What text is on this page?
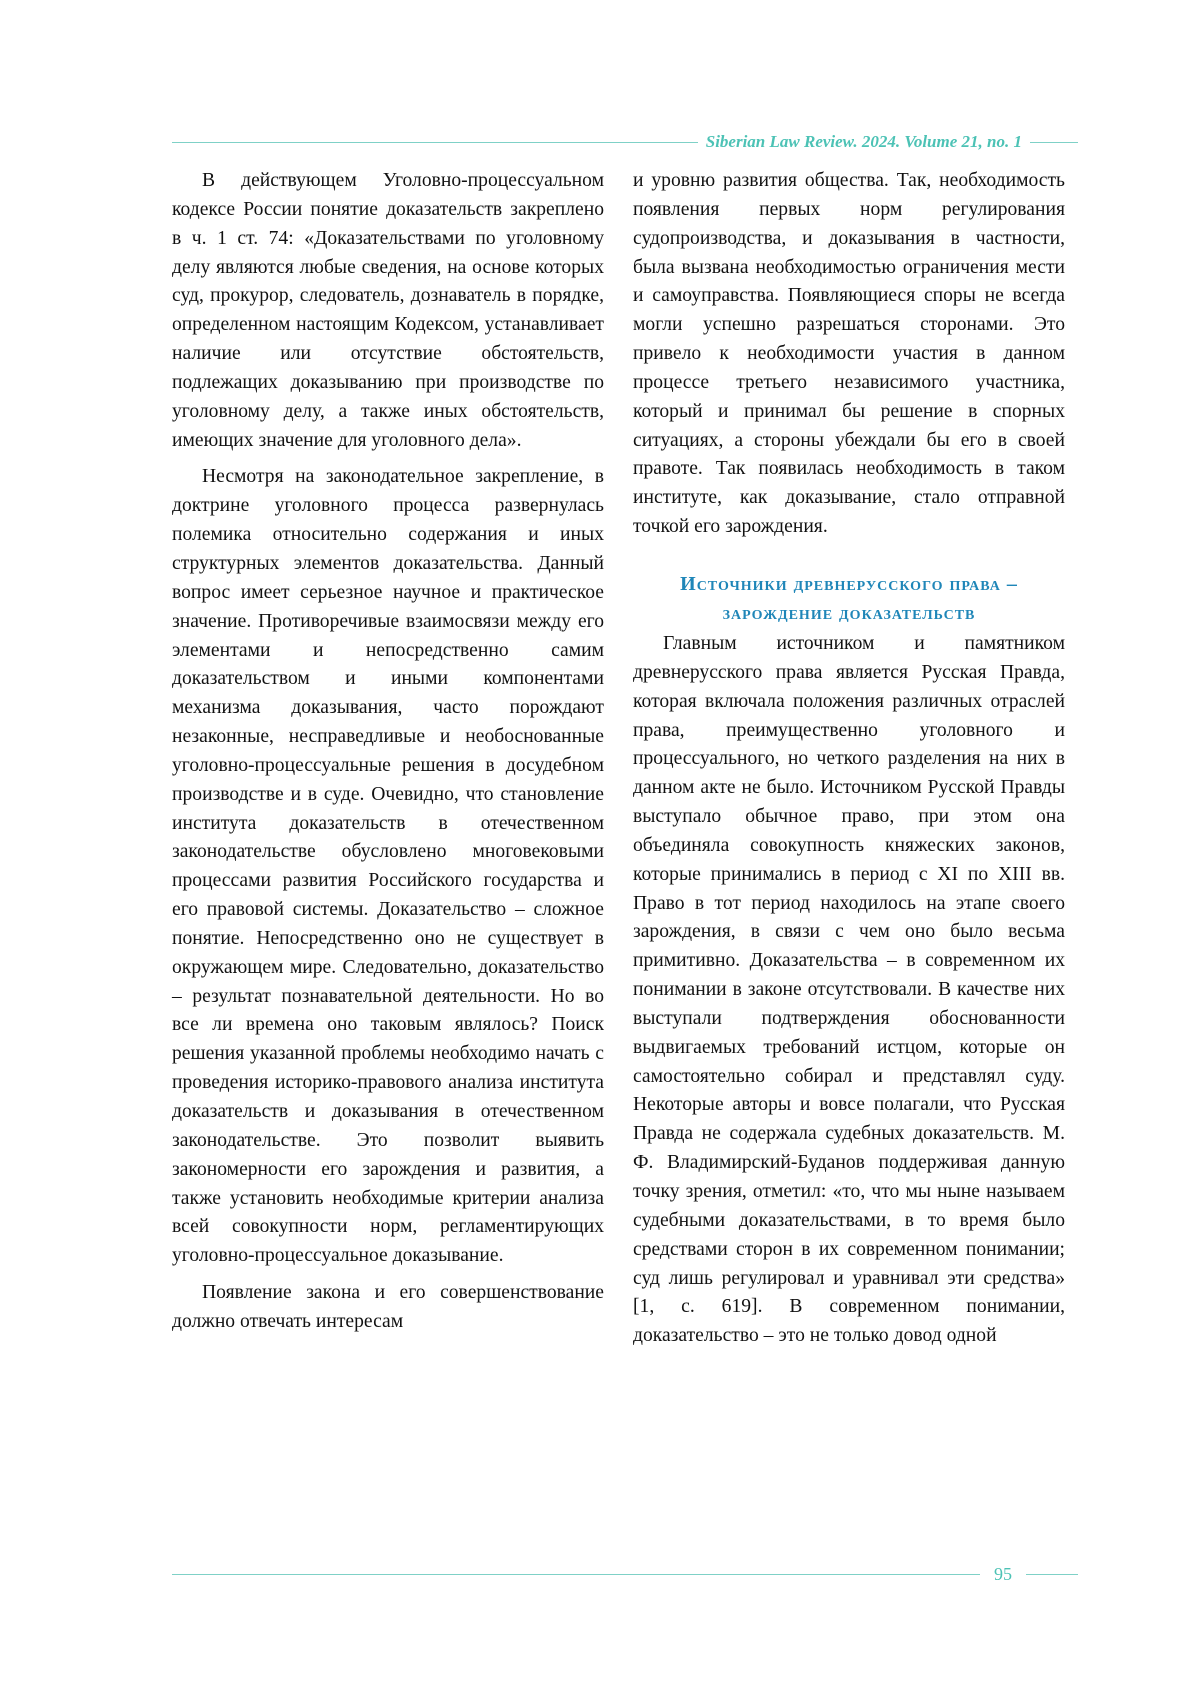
Siberian Law Review. 2024. Volume 21, no. 1

В действующем Уголовно-процессуальном кодексе России понятие доказательств закреплено в ч. 1 ст. 74: «Доказательствами по уголовному делу являются любые сведения, на основе которых суд, прокурор, следователь, дознаватель в порядке, определенном настоящим Кодексом, устанавливает наличие или отсутствие обстоятельств, подлежащих доказыванию при производстве по уголовному делу, а также иных обстоятельств, имеющих значение для уголовного дела».

Несмотря на законодательное закрепление, в доктрине уголовного процесса развернулась полемика относительно содержания и иных структурных элементов доказательства. Данный вопрос имеет серьезное научное и практическое значение. Противоречивые взаимосвязи между его элементами и непосредственно самим доказательством и иными компонентами механизма доказывания, часто порождают незаконные, несправедливые и необоснованные уголовно-процессуальные решения в досудебном производстве и в суде. Очевидно, что становление института доказательств в отечественном законодательстве обусловлено многовековыми процессами развития Российского государства и его правовой системы. Доказательство – сложное понятие. Непосредственно оно не существует в окружающем мире. Следовательно, доказательство – результат познавательной деятельности. Но во все ли времена оно таковым являлось? Поиск решения указанной проблемы необходимо начать с проведения историко-правового анализа института доказательств и доказывания в отечественном законодательстве. Это позволит выявить закономерности его зарождения и развития, а также установить необходимые критерии анализа всей совокупности норм, регламентирующих уголовно-процессуальное доказывание.

Появление закона и его совершенствование должно отвечать интересам

и уровню развития общества. Так, необходимость появления первых норм регулирования судопроизводства, и доказывания в частности, была вызвана необходимостью ограничения мести и самоуправства. Появляющиеся споры не всегда могли успешно разрешаться сторонами. Это привело к необходимости участия в данном процессе третьего независимого участника, который и принимал бы решение в спорных ситуациях, а стороны убеждали бы его в своей правоте. Так появилась необходимость в таком институте, как доказывание, стало отправной точкой его зарождения.

Источники древнерусского права –
зарождение доказательств

Главным источником и памятником древнерусского права является Русская Правда, которая включала положения различных отраслей права, преимущественно уголовного и процессуального, но четкого разделения на них в данном акте не было. Источником Русской Правды выступало обычное право, при этом она объединяла совокупность княжеских законов, которые принимались в период с XI по XIII вв. Право в тот период находилось на этапе своего зарождения, в связи с чем оно было весьма примитивно. Доказательства – в современном их понимании в законе отсутствовали. В качестве них выступали подтверждения обоснованности выдвигаемых требований истцом, которые он самостоятельно собирал и представлял суду. Некоторые авторы и вовсе полагали, что Русская Правда не содержала судебных доказательств. М. Ф. Владимирский-Буданов поддерживая данную точку зрения, отметил: «то, что мы ныне называем судебными доказательствами, в то время было средствами сторон в их современном понимании; суд лишь регулировал и уравнивал эти средства» [1, с. 619]. В современном понимании, доказательство – это не только довод одной

95
